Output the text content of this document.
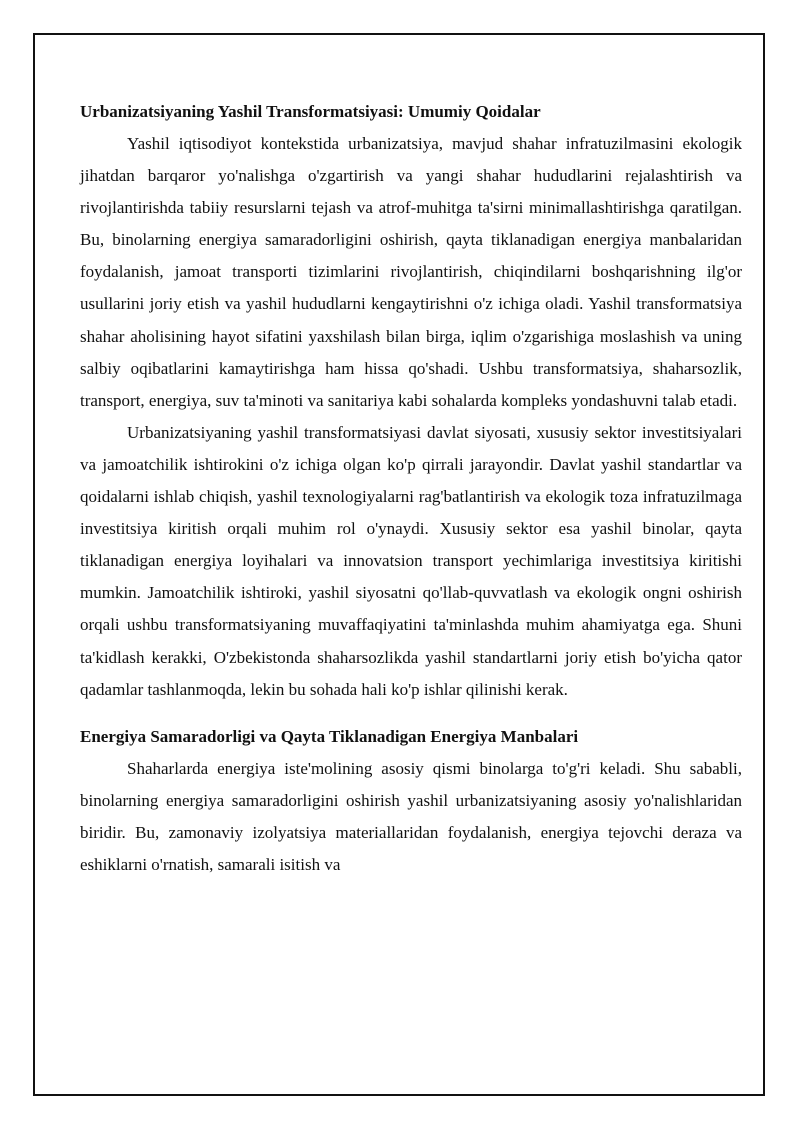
Urbanizatsiyaning Yashil Transformatsiyasi: Umumiy Qoidalar

Yashil iqtisodiyot kontekstida urbanizatsiya, mavjud shahar infratuzilmasini ekologik jihatdan barqaror yo'nalishga o'zgartirish va yangi shahar hududlarini rejalashtirish va rivojlantirishda tabiiy resurslarni tejash va atrof-muhitga ta'sirni minimallashtirishga qaratilgan. Bu, binolarning energiya samaradorligini oshirish, qayta tiklanadigan energiya manbalaridan foydalanish, jamoat transporti tizimlarini rivojlantirish, chiqindilarni boshqarishning ilg'or usullarini joriy etish va yashil hududlarni kengaytirishni o'z ichiga oladi. Yashil transformatsiya shahar aholisining hayot sifatini yaxshilash bilan birga, iqlim o'zgarishiga moslashish va uning salbiy oqibatlarini kamaytirishga ham hissa qo'shadi. Ushbu transformatsiya, shaharsozlik, transport, energiya, suv ta'minoti va sanitariya kabi sohalarda kompleks yondashuvni talab etadi.

Urbanizatsiyaning yashil transformatsiyasi davlat siyosati, xususiy sektor investitsiyalari va jamoatchilik ishtirokini o'z ichiga olgan ko'p qirrali jarayondir. Davlat yashil standartlar va qoidalarni ishlab chiqish, yashil texnologiyalarni rag'batlantirish va ekologik toza infratuzilmaga investitsiya kiritish orqali muhim rol o'ynaydi. Xususiy sektor esa yashil binolar, qayta tiklanadigan energiya loyihalari va innovatsion transport yechimlariga investitsiya kiritishi mumkin. Jamoatchilik ishtiroki, yashil siyosatni qo'llab-quvvatlash va ekologik ongni oshirish orqali ushbu transformatsiyaning muvaffaqiyatini ta'minlashda muhim ahamiyatga ega. Shuni ta'kidlash kerakki, O'zbekistonda shaharsozlikda yashil standartlarni joriy etish bo'yicha qator qadamlar tashlanmoqda, lekin bu sohada hali ko'p ishlar qilinishi kerak.

Energiya Samaradorligi va Qayta Tiklanadigan Energiya Manbalari

Shaharlarda energiya iste'molining asosiy qismi binolarga to'g'ri keladi. Shu sababli, binolarning energiya samaradorligini oshirish yashil urbanizatsiyaning asosiy yo'nalishlaridan biridir. Bu, zamonaviy izolyatsiya materiallaridan foydalanish, energiya tejovchi deraza va eshiklarni o'rnatish, samarali isitish va
